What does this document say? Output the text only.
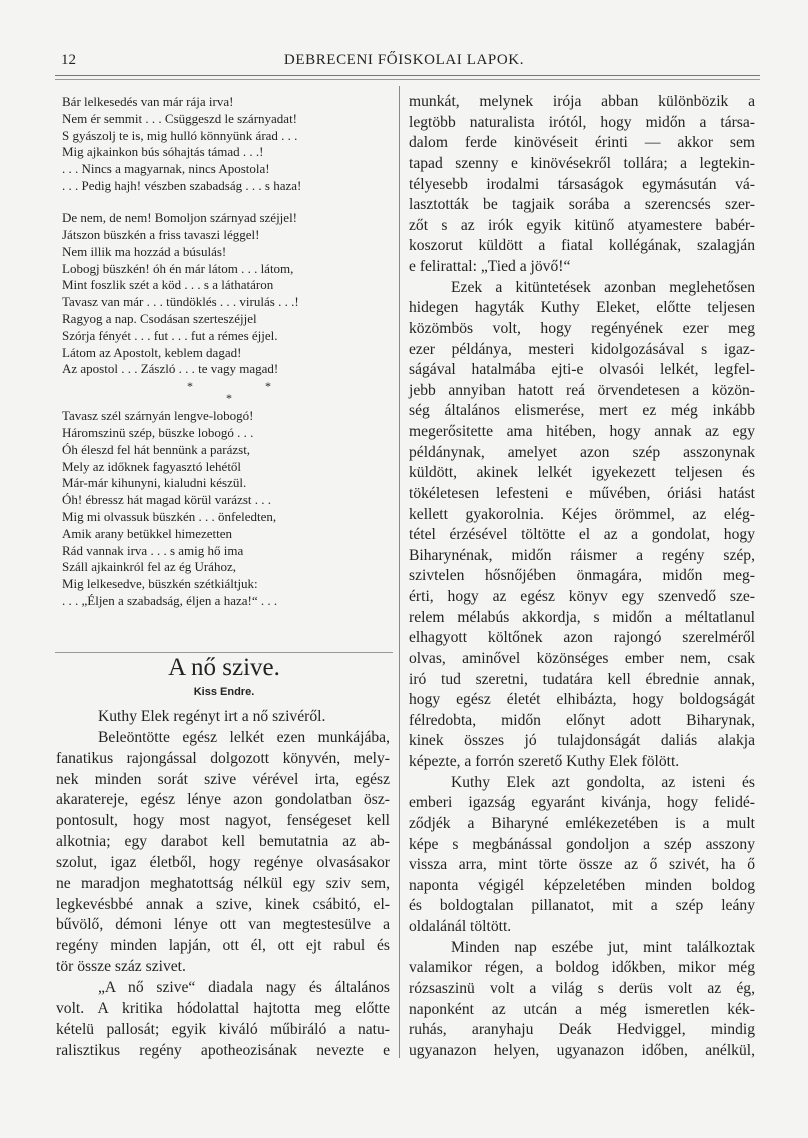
12	DEBRECENI FŐISKOLAI LAPOK.
Bár lelkesedés van már rája irva!
Nem ér semmit . . . Csüggeszd le szárnyadat!
S gyászolj te is, mig hulló könnyünk árad . . .
Mig ajkainkon bús sóhajtás támad . . .!
. . . Nincs a magyarnak, nincs Apostola!
. . . Pedig hajh! vészben szabadság . . . s haza!
De nem, de nem! Bomoljon szárnyad széjjel!
Játszon büszkén a friss tavaszi léggel!
Nem illik ma hozzád a búsulás!
Lobogj büszkén! óh én már látom . . . látom,
Mint foszlik szét a köd . . . s a láthatáron
Tavasz van már . . . tündöklés . . . virulás . . .!
Ragyog a nap. Csodásan szerteszéjjel
Szórja fényét . . . fut . . . fut a rémes éjjel.
Látom az Apostolt, keblem dagad!
Az apostol . . . Zászló . . . te vagy magad!
*
*
*
Tavasz szél szárnyán lengve-lobogó!
Háromszinü szép, büszke lobogó . . .
Óh éleszd fel hát bennünk a parázst,
Mely az időknek fagyasztó lehétől
Már-már kihunyni, kialudni készül.
Óh! ébressz hát magad körül varázst . . .
Mig mi olvassuk büszkén . . . önfeledten,
Amik arany betükkel himezetten
Rád vannak irva . . . s amig hő ima
Száll ajkainkról fel az ég Urához,
Mig lelkesedve, büszkén szétkiáltjuk:
. . . „Éljen a szabadság, éljen a haza!“ . . .
A nő szive.
Kiss Endre.
Kuthy Elek regényt irt a nő szivéről.
Beleöntötte egész lelkét ezen munkájába,
fanatikus rajongással dolgozott könyvén, mely-
nek minden sorát szive vérével irta, egész
akaratereje, egész lénye azon gondolatban ösz-
pontosult, hogy most nagyot, fenségeset kell
alkotnia; egy darabot kell bemutatnia az ab-
szolut, igaz életből, hogy regénye olvasásakor
ne maradjon meghatottság nélkül egy sziv sem,
legkevésbbé annak a szive, kinek csábitó, el-
bűvölő, démoni lénye ott van megtestesülve a
regény minden lapján, ott él, ott ejt rabul és
tör össze száz szivet.
„A nő szive“ diadala nagy és általános
volt. A kritika hódolattal hajtotta meg előtte
kételü pallosát; egyik kiváló műbiráló a natu-
ralisztikus regény apotheozisának nevezte e
munkát, melynek irója abban különbözik a
legtöbb naturalista irótól, hogy midőn a társa-
dalom ferde kinövéseit érinti — akkor sem
tapad szenny e kinövésekről tollára; a legtekin-
télyesebb irodalmi társaságok egymásután vá-
lasztották be tagjaik sorába a szerencsés szer-
zőt s az irók egyik kitünő atyamestere babér-
koszorut küldött a fiatal kollégának, szalagján
e felirattal: „Tied a jövő!“
Ezek a kitüntetések azonban meglehetősen
hidegen hagyták Kuthy Eleket, előtte teljesen
közömbös volt, hogy regényének ezer meg
ezer példánya, mesteri kidolgozásával s igaz-
ságával hatalmába ejti-e olvasói lelkét, legfel-
jebb annyiban hatott reá örvendetesen a közön-
ség általános elismerése, mert ez még inkább
megerősitette ama hitében, hogy annak az egy
példánynak, amelyet azon szép asszonynak
küldött, akinek lelkét igyekezett teljesen és
tökéletesen lefesteni e művében, óriási hatást
kellett gyakorolnia. Kéjes örömmel, az elég-
tétel érzésével töltötte el az a gondolat, hogy
Biharynénak, midőn ráismer a regény szép,
szivtelen hősnőjében önmagára, midőn meg-
érti, hogy az egész könyv egy szenvedő sze-
relem mélabús akkordja, s midőn a méltatlanul
elhagyott költőnek azon rajongó szerelméről
olvas, aminővel közönséges ember nem, csak
iró tud szeretni, tudatára kell ébrednie annak,
hogy egész életét elhibázta, hogy boldogságát
félredobta, midőn előnyt adott Biharynak,
kinek összes jó tulajdonságát daliás alakja
képezte, a forrón szerető Kuthy Elek fölött.
Kuthy Elek azt gondolta, az isteni és
emberi igazság egyaránt kivánja, hogy felidé-
ződjék a Biharyné emlékezetében is a mult
képe s megbánással gondoljon a szép asszony
vissza arra, mint törte össze az ő szivét, ha ő
naponta végigél képzeletében minden boldog
és boldogtalan pillanatot, mit a szép leány
oldalánál töltött.
Minden nap eszébe jut, mint találkoztak
valamikor régen, a boldog időkben, mikor még
rózsaszinü volt a világ s derüs volt az ég,
naponként az utcán a még ismeretlen kék-
ruhás, aranyhaju Deák Hedviggel, mindig
ugyanazon helyen, ugyanazon időben, anélkül,
